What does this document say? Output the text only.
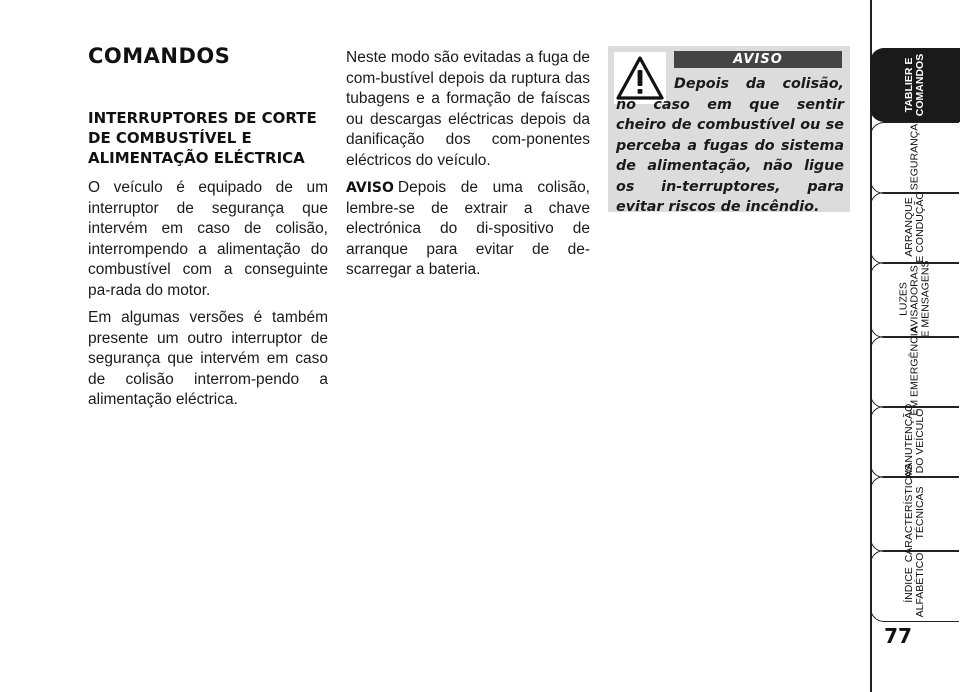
COMANDOS
INTERRUPTORES DE CORTE
DE COMBUSTÍVEL E
ALIMENTAÇÃO ELÉCTRICA

O veículo é equipado de um interruptor de segurança que intervém em caso de colisão, interrompendo a alimentação do combustível com a conseguinte pa-rada do motor.

Em algumas versões é também presente um outro interruptor de segurança que intervém em caso de colisão interrom-pendo a alimentação eléctrica.

Neste modo são evitadas a fuga de com-bustível depois da ruptura das tubagens e a formação de faíscas ou descargas eléctricas depois da danificação dos com-ponentes eléctricos do veículo.

AVISO Depois de uma colisão, lembre-se de extrair a chave electrónica do di-spositivo de arranque para evitar de de-scarregar a bateria.

AVISO
Depois da colisão, no caso em que sentir cheiro de combustível ou se perceba a fugas do sistema de alimentação, não ligue os in-terruptores, para evitar riscos de incêndio.
TABLIER E
COMANDOS
SEGURANÇA
ARRANQUE
E CONDUÇÃO
LUZES
AVISADORAS
E MENSAGENS
EM EMERGÊNCIA
MANUTENÇÃO
DO VEÍCULO
CARACTERÍSTICAS
TÉCNICAS
ÍNDICE
ALFABÉTICO
77
